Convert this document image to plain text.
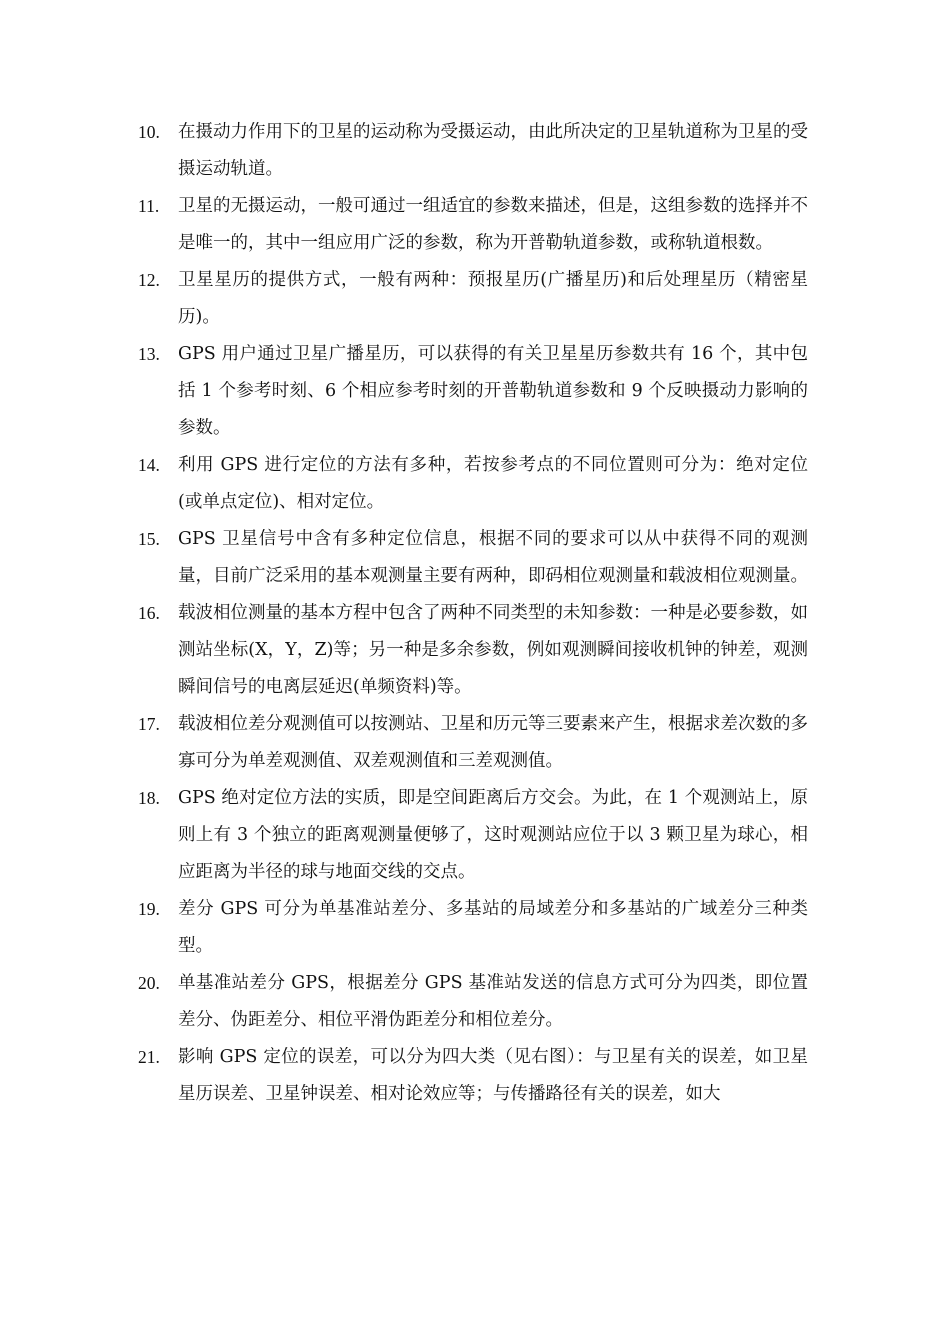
10.	在摄动力作用下的卫星的运动称为受摄运动，由此所决定的卫星轨道称为卫星的受摄运动轨道。
11.	卫星的无摄运动，一般可通过一组适宜的参数来描述，但是，这组参数的选择并不是唯一的，其中一组应用广泛的参数，称为开普勒轨道参数，或称轨道根数。
12.	卫星星历的提供方式，一般有两种：预报星历(广播星历)和后处理星历（精密星历)。
13.	GPS 用户通过卫星广播星历，可以获得的有关卫星星历参数共有 16 个，其中包括 1 个参考时刻、6 个相应参考时刻的开普勒轨道参数和 9 个反映摄动力影响的参数。
14.	利用 GPS 进行定位的方法有多种，若按参考点的不同位置则可分为：绝对定位(或单点定位)、相对定位。
15.	GPS 卫星信号中含有多种定位信息，根据不同的要求可以从中获得不同的观测量，目前广泛采用的基本观测量主要有两种，即码相位观测量和载波相位观测量。
16.	载波相位测量的基本方程中包含了两种不同类型的未知参数：一种是必要参数，如测站坐标(X，Y，Z)等；另一种是多余参数，例如观测瞬间接收机钟的钟差，观测瞬间信号的电离层延迟(单频资料)等。
17.	载波相位差分观测值可以按测站、卫星和历元等三要素来产生，根据求差次数的多寡可分为单差观测值、双差观测值和三差观测值。
18.	GPS 绝对定位方法的实质，即是空间距离后方交会。为此，在 1 个观测站上，原则上有 3 个独立的距离观测量便够了，这时观测站应位于以 3 颗卫星为球心，相应距离为半径的球与地面交线的交点。
19.	差分 GPS 可分为单基准站差分、多基站的局域差分和多基站的广域差分三种类型。
20.	单基准站差分 GPS，根据差分 GPS 基准站发送的信息方式可分为四类，即位置差分、伪距差分、相位平滑伪距差分和相位差分。
21.	影响 GPS 定位的误差，可以分为四大类（见右图）：与卫星有关的误差，如卫星星历误差、卫星钟误差、相对论效应等；与传播路径有关的误差，如大
